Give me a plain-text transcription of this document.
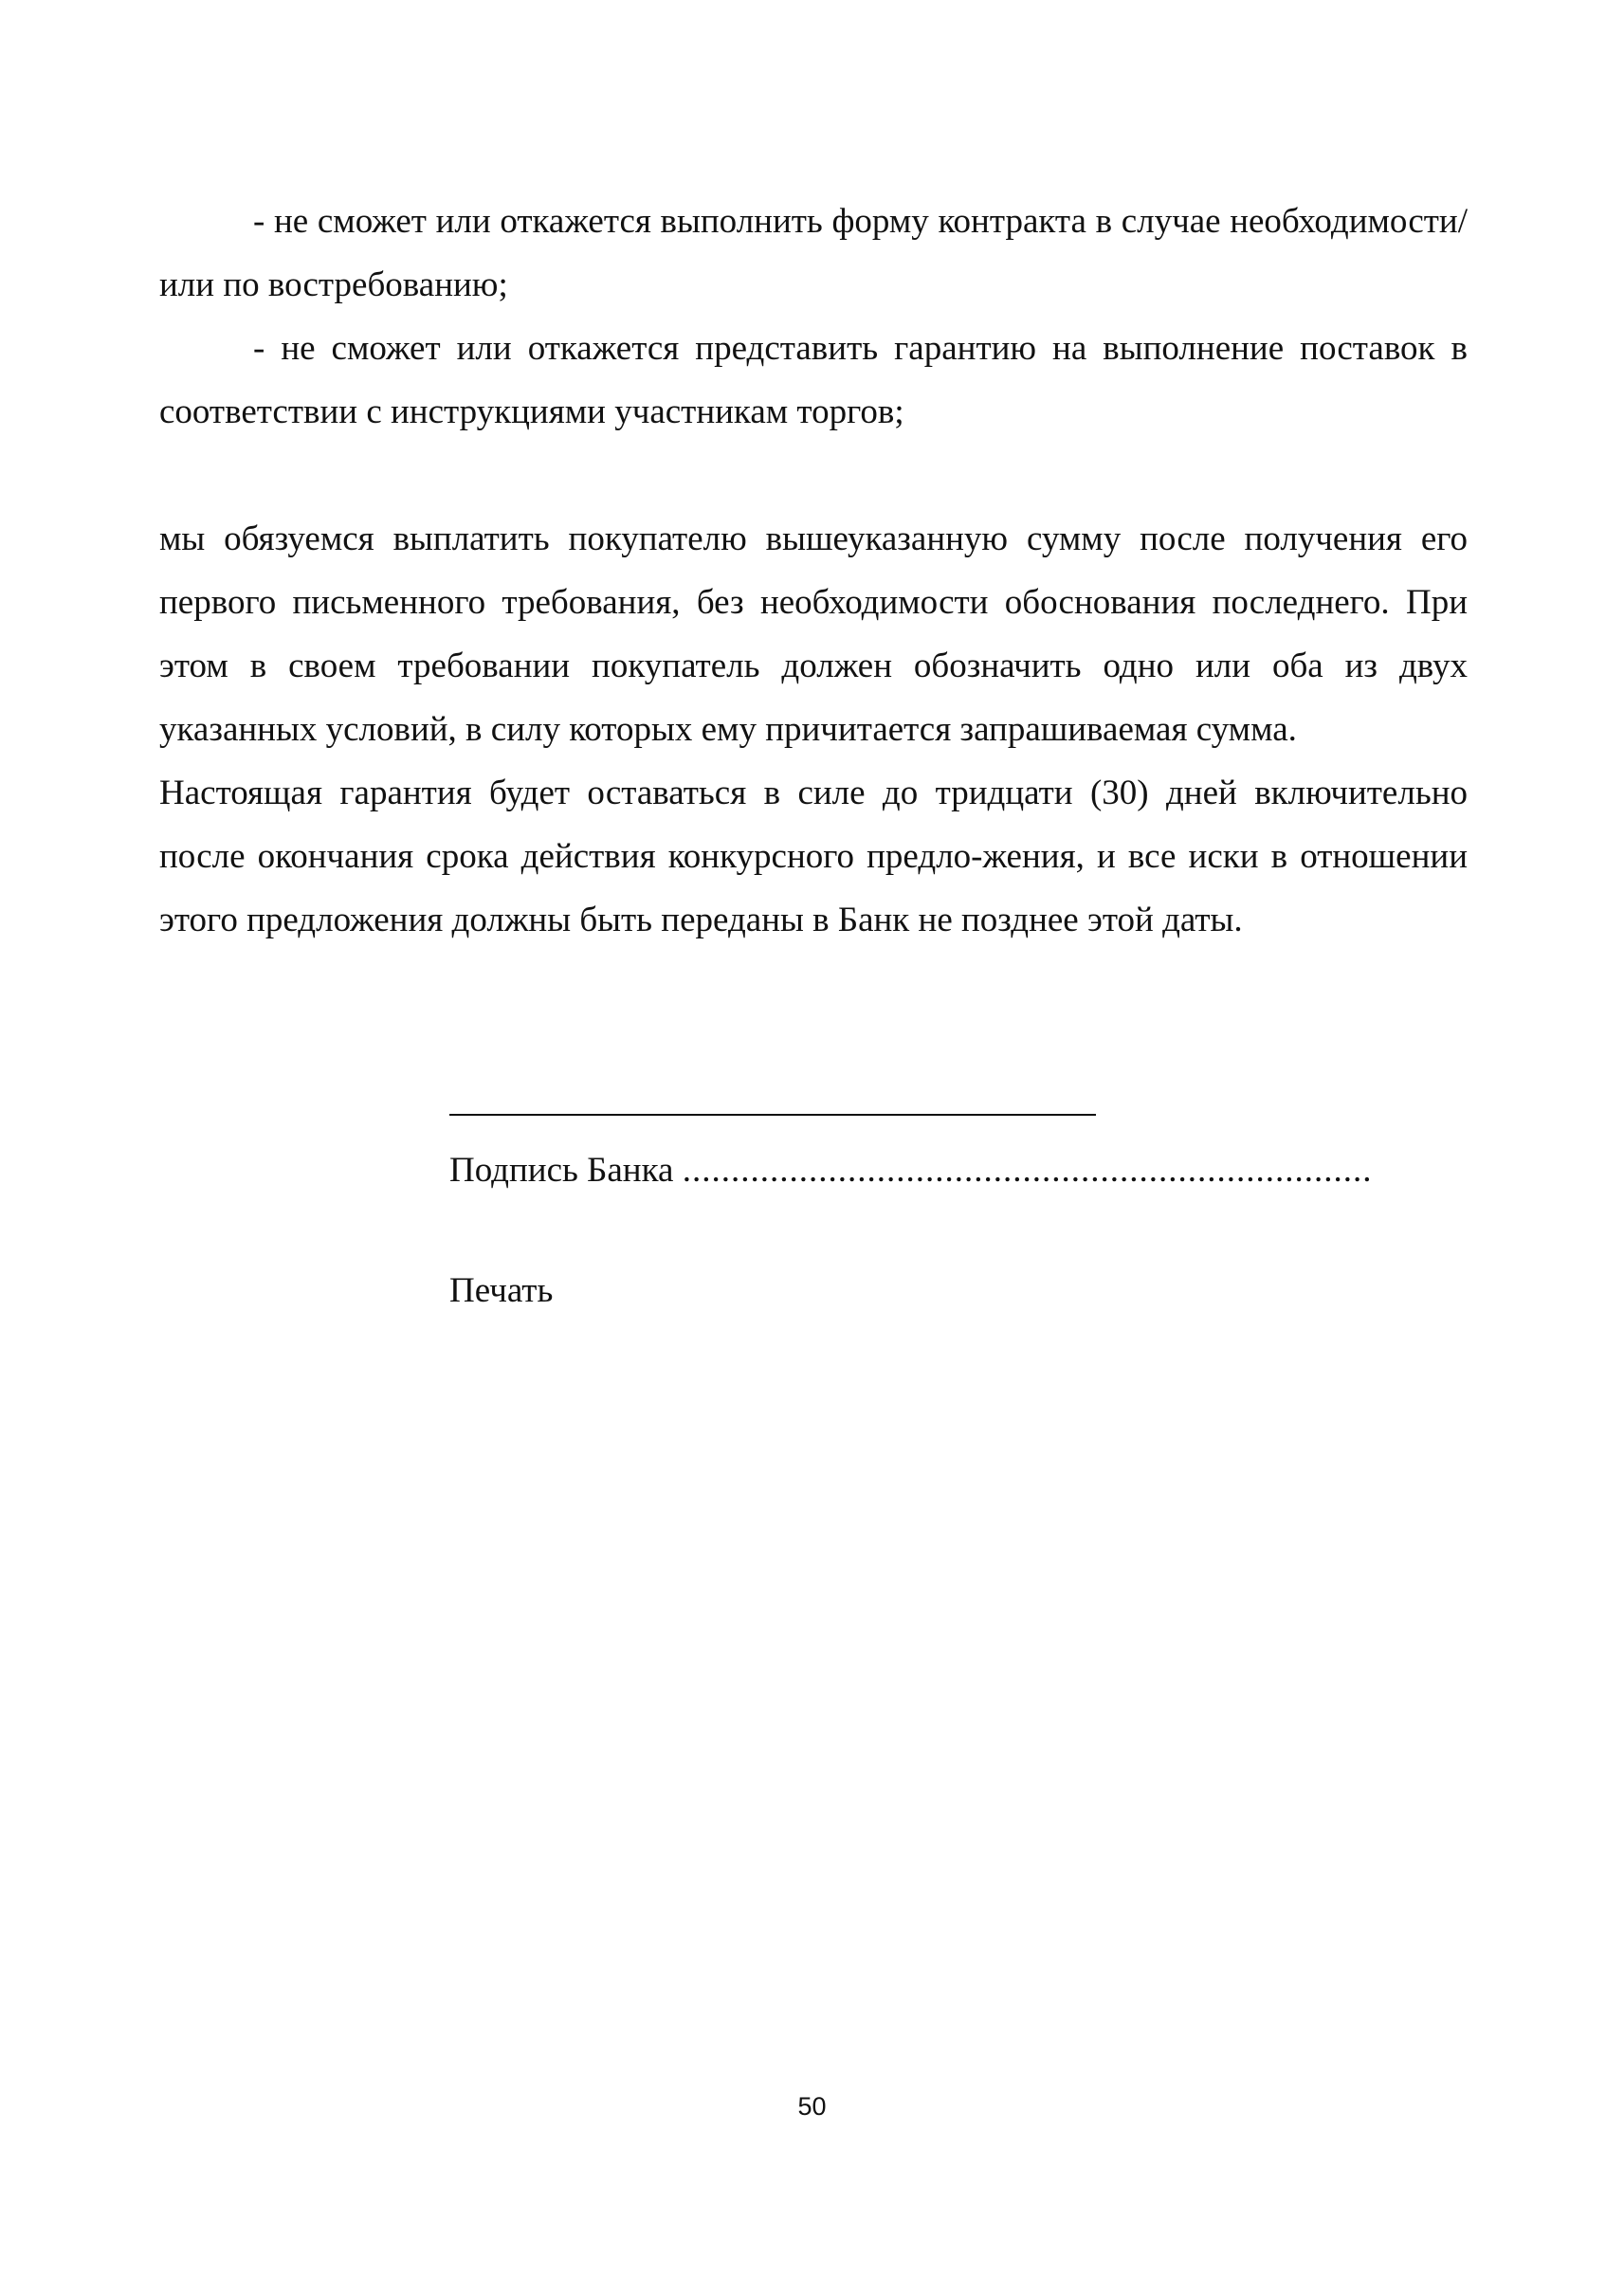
- не сможет или откажется выполнить форму контракта в случае необходимости/или по востребованию;

- не сможет или откажется представить гарантию на выполнение поставок в соответствии с инструкциями участникам торгов;

мы обязуемся выплатить покупателю вышеуказанную сумму после получения его первого письменного требования, без необходимости обоснования последнего. При этом в своем требовании покупатель должен обозначить одно или оба из двух указанных условий, в силу которых ему причитается запрашиваемая сумма.

Настоящая гарантия будет оставаться в силе до тридцати (30) дней включительно после окончания срока действия конкурсного предло-жения, и все иски в отношении этого предложения должны быть переданы в Банк не позднее этой даты.

Подпись Банка .......................................................................
Печать
50
